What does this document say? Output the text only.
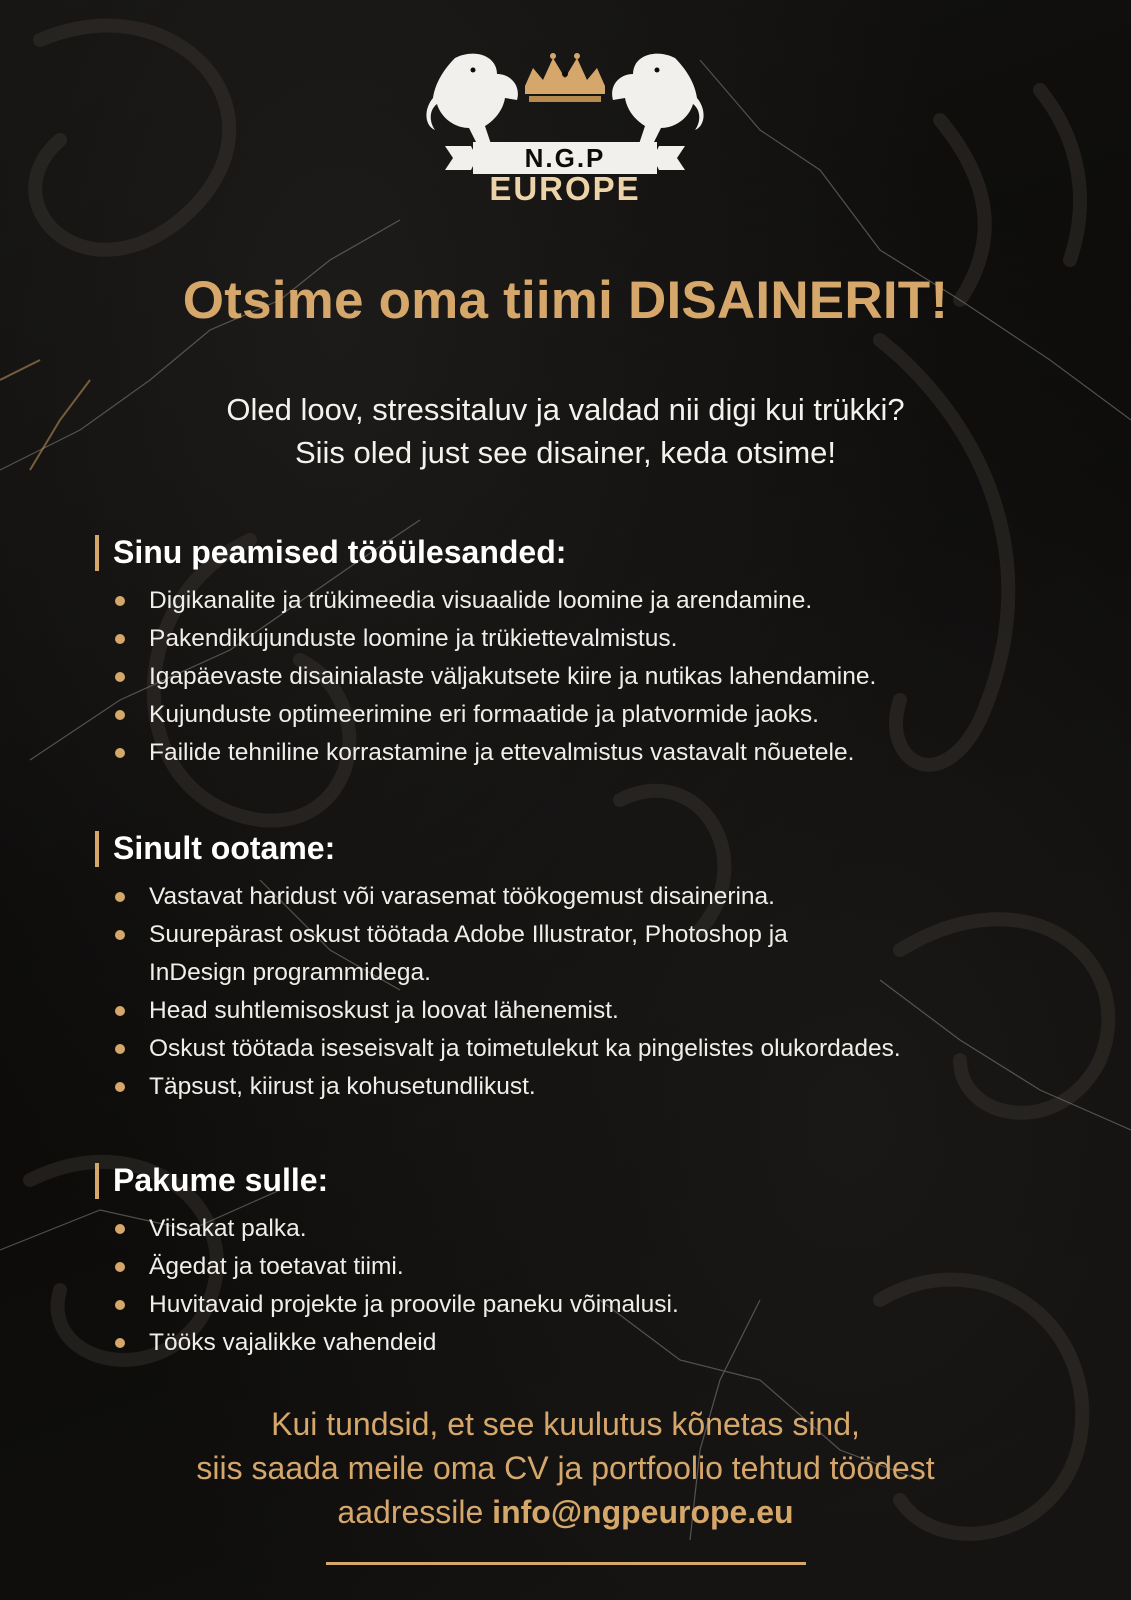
N.G.P
EUROPE
Otsime oma tiimi DISAINERIT!
Oled loov, stressitaluv ja valdad nii digi kui trükki?
Siis oled just see disainer, keda otsime!
Sinu peamised tööülesanded:
Digikanalite ja trükimeedia visuaalide loomine ja arendamine.
Pakendikujunduste loomine ja trükiettevalmistus.
Igapäevaste disainialaste väljakutsete kiire ja nutikas lahendamine.
Kujunduste optimeerimine eri formaatide ja platvormide jaoks.
Failide tehniline korrastamine ja ettevalmistus vastavalt nõuetele.
Sinult ootame:
Vastavat haridust või varasemat töökogemust disainerina.
Suurepärast oskust töötada Adobe Illustrator, Photoshop ja
InDesign programmidega.
Head suhtlemisoskust ja loovat lähenemist.
Oskust töötada iseseisvalt ja toimetulekut ka pingelistes olukordades.
Täpsust, kiirust ja kohusetundlikust.
Pakume sulle:
Viisakat palka.
Ägedat ja toetavat tiimi.
Huvitavaid projekte ja proovile paneku võimalusi.
Tööks vajalikke vahendeid
Kui tundsid, et see kuulutus kõnetas sind,
siis saada meile oma CV ja portfoolio tehtud töödest
aadressile info@ngpeurope.eu
